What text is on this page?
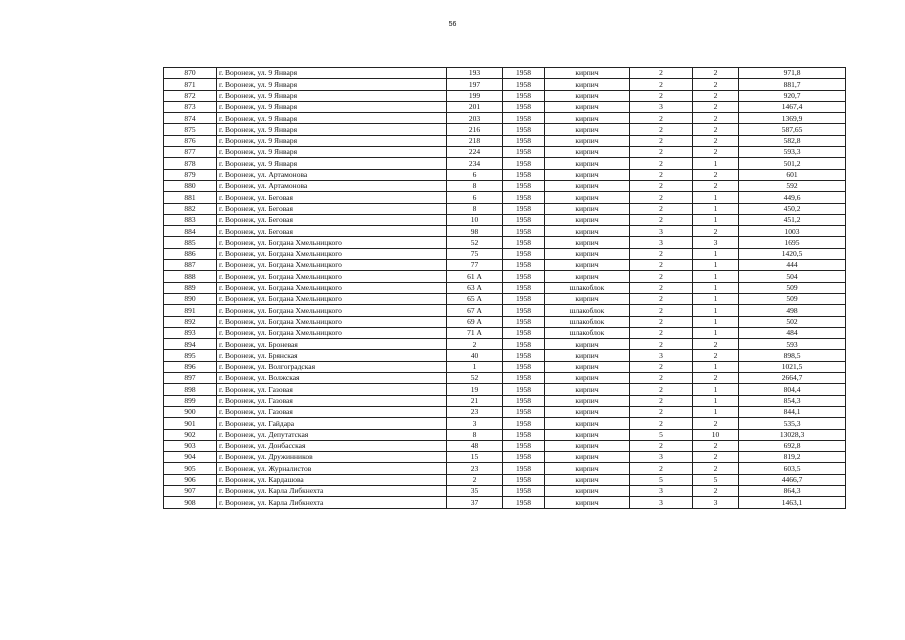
56
870	г. Воронеж, ул. 9 Января	193	1958	кирпич	2	2	971,8
871	г. Воронеж, ул. 9 Января	197	1958	кирпич	2	2	881,7
872	г. Воронеж, ул. 9 Января	199	1958	кирпич	2	2	920,7
873	г. Воронеж, ул. 9 Января	201	1958	кирпич	3	2	1467,4
874	г. Воронеж, ул. 9 Января	203	1958	кирпич	2	2	1369,9
875	г. Воронеж, ул. 9 Января	216	1958	кирпич	2	2	587,65
876	г. Воронеж, ул. 9 Января	218	1958	кирпич	2	2	582,8
877	г. Воронеж, ул. 9 Января	224	1958	кирпич	2	2	593,3
878	г. Воронеж, ул. 9 Января	234	1958	кирпич	2	1	501,2
879	г. Воронеж, ул. Артамонова	6	1958	кирпич	2	2	601
880	г. Воронеж, ул. Артамонова	8	1958	кирпич	2	2	592
881	г. Воронеж, ул. Беговая	6	1958	кирпич	2	1	449,6
882	г. Воронеж, ул. Беговая	8	1958	кирпич	2	1	450,2
883	г. Воронеж, ул. Беговая	10	1958	кирпич	2	1	451,2
884	г. Воронеж, ул. Беговая	98	1958	кирпич	3	2	1003
885	г. Воронеж, ул. Богдана Хмельницкого	52	1958	кирпич	3	3	1695
886	г. Воронеж, ул. Богдана Хмельницкого	75	1958	кирпич	2	1	1420,5
887	г. Воронеж, ул. Богдана Хмельницкого	77	1958	кирпич	2	1	444
888	г. Воронеж, ул. Богдана Хмельницкого	61 А	1958	кирпич	2	1	504
889	г. Воронеж, ул. Богдана Хмельницкого	63 А	1958	шлакоблок	2	1	509
890	г. Воронеж, ул. Богдана Хмельницкого	65 А	1958	кирпич	2	1	509
891	г. Воронеж, ул. Богдана Хмельницкого	67 А	1958	шлакоблок	2	1	498
892	г. Воронеж, ул. Богдана Хмельницкого	69 А	1958	шлакоблок	2	1	502
893	г. Воронеж, ул. Богдана Хмельницкого	71 А	1958	шлакоблок	2	1	484
894	г. Воронеж, ул. Броневая	2	1958	кирпич	2	2	593
895	г. Воронеж, ул. Брянская	40	1958	кирпич	3	2	898,5
896	г. Воронеж, ул. Волгоградская	1	1958	кирпич	2	1	1021,5
897	г. Воронеж, ул. Волжская	52	1958	кирпич	2	2	2664,7
898	г. Воронеж, ул. Газовая	19	1958	кирпич	2	1	804,4
899	г. Воронеж, ул. Газовая	21	1958	кирпич	2	1	854,3
900	г. Воронеж, ул. Газовая	23	1958	кирпич	2	1	844,1
901	г. Воронеж, ул. Гайдара	3	1958	кирпич	2	2	535,3
902	г. Воронеж, ул. Депутатская	8	1958	кирпич	5	10	13028,3
903	г. Воронеж, ул. Донбасская	48	1958	кирпич	2	2	692,8
904	г. Воронеж, ул. Дружинников	15	1958	кирпич	3	2	819,2
905	г. Воронеж, ул. Журналистов	23	1958	кирпич	2	2	603,5
906	г. Воронеж, ул. Кардашова	2	1958	кирпич	5	5	4466,7
907	г. Воронеж, ул. Карла Либкнехта	35	1958	кирпич	3	2	864,3
908	г. Воронеж, ул. Карла Либкнехта	37	1958	кирпич	3	3	1463,1
